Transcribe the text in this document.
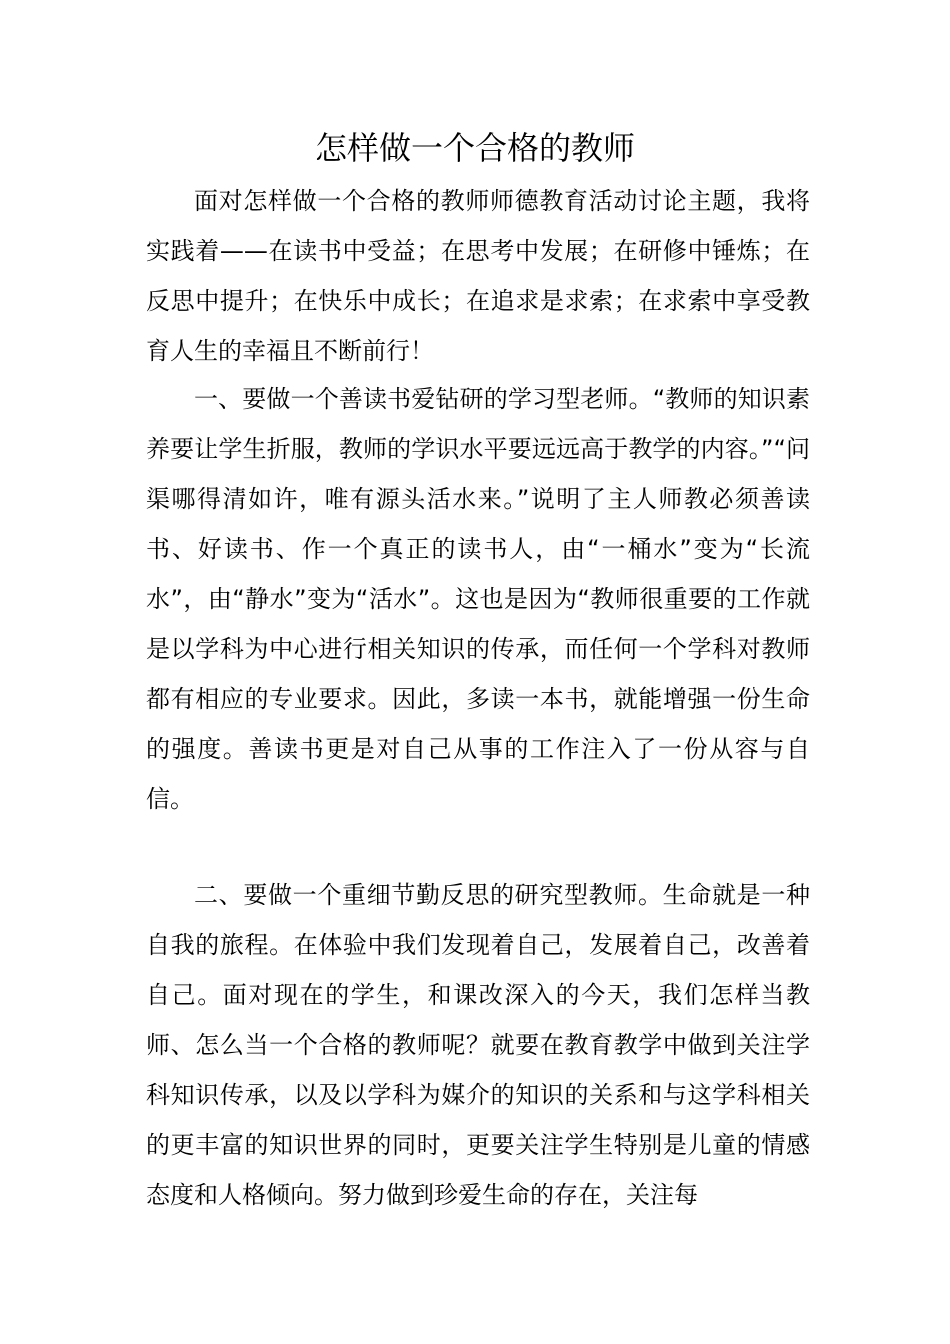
怎样做一个合格的教师

面对怎样做一个合格的教师师德教育活动讨论主题，我将实践着——在读书中受益；在思考中发展；在研修中锤炼；在反思中提升；在快乐中成长；在追求是求索；在求索中享受教育人生的幸福且不断前行！

一、要做一个善读书爱钻研的学习型老师。“教师的知识素养要让学生折服，教师的学识水平要远远高于教学的内容。”“问渠哪得清如许，唯有源头活水来。”说明了主人师教必须善读书、好读书、作一个真正的读书人，由“一桶水”变为“长流水”，由“静水”变为“活水”。这也是因为“教师很重要的工作就是以学科为中心进行相关知识的传承，而任何一个学科对教师都有相应的专业要求。因此，多读一本书，就能增强一份生命的强度。善读书更是对自己从事的工作注入了一份从容与自信。

二、要做一个重细节勤反思的研究型教师。生命就是一种自我的旅程。在体验中我们发现着自己，发展着自己，改善着自己。面对现在的学生，和课改深入的今天，我们怎样当教师、怎么当一个合格的教师呢？就要在教育教学中做到关注学科知识传承，以及以学科为媒介的知识的关系和与这学科相关的更丰富的知识世界的同时，更要关注学生特别是儿童的情感态度和人格倾向。努力做到珍爱生命的存在，关注每
